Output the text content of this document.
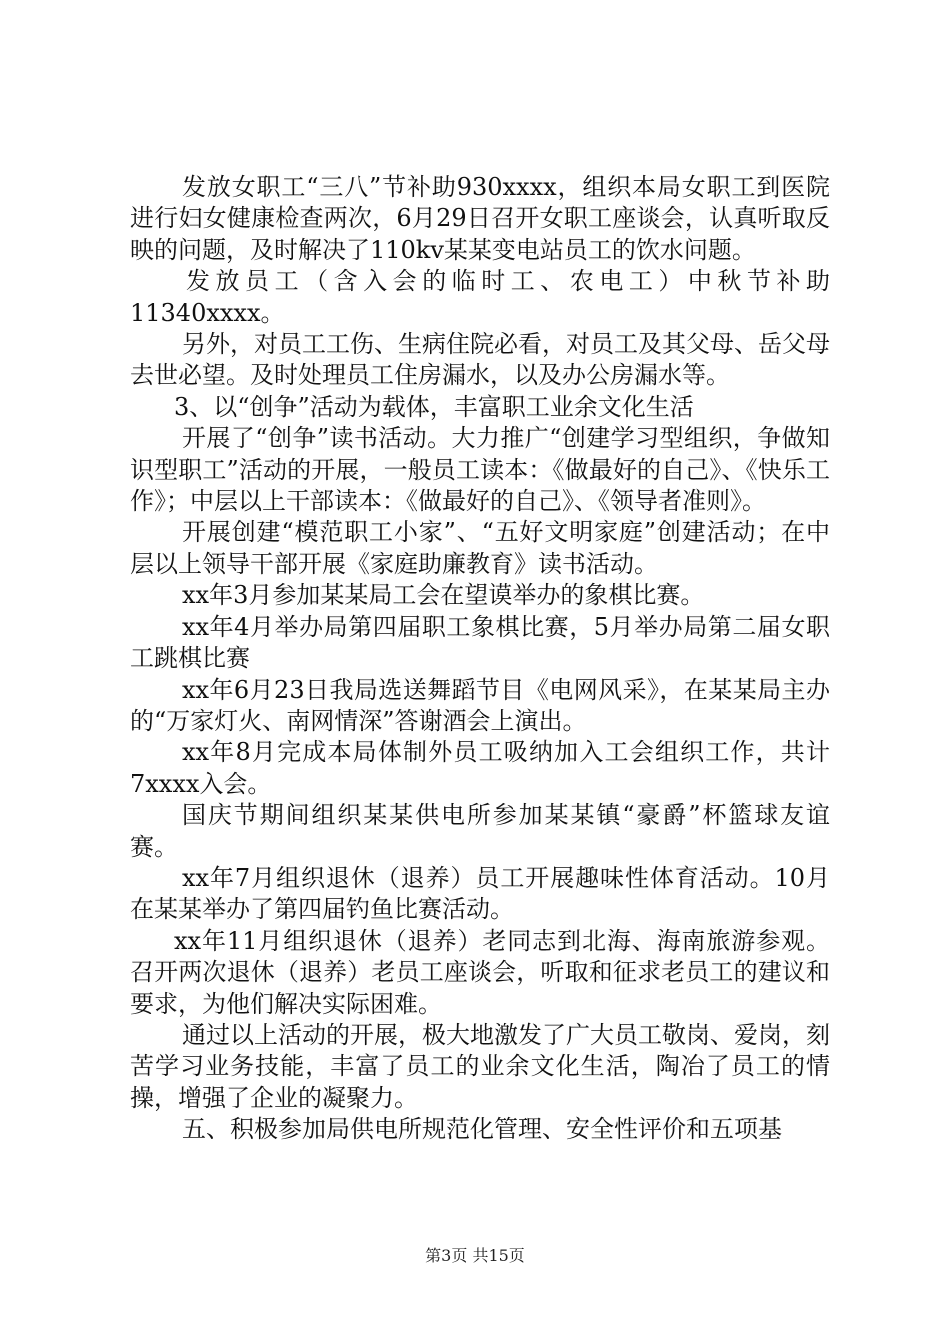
发放女职工“三八”节补助930xxxx，组织本局女职工到医院进行妇女健康检查两次，6月29日召开女职工座谈会，认真听取反映的问题，及时解决了110kv某某变电站员工的饮水问题。

发放员工（含入会的临时工、农电工）中秋节补助11340xxxx。

另外，对员工工伤、生病住院必看，对员工及其父母、岳父母去世必望。及时处理员工住房漏水，以及办公房漏水等。

3、以“创争”活动为载体，丰富职工业余文化生活

开展了“创争”读书活动。大力推广“创建学习型组织，争做知识型职工”活动的开展，一般员工读本：《做最好的自己》、《快乐工作》；中层以上干部读本：《做最好的自己》、《领导者准则》。

开展创建“模范职工小家”、“五好文明家庭”创建活动；在中层以上领导干部开展《家庭助廉教育》读书活动。

xx年3月参加某某局工会在望谟举办的象棋比赛。

xx年4月举办局第四届职工象棋比赛，5月举办局第二届女职工跳棋比赛

xx年6月23日我局选送舞蹈节目《电网风采》，在某某局主办的“万家灯火、南网情深”答谢酒会上演出。

xx年8月完成本局体制外员工吸纳加入工会组织工作，共计7xxxx入会。

国庆节期间组织某某供电所参加某某镇“豪爵”杯篮球友谊赛。

xx年7月组织退休（退养）员工开展趣味性体育活动。10月在某某举办了第四届钓鱼比赛活动。

xx年11月组织退休（退养）老同志到北海、海南旅游参观。召开两次退休（退养）老员工座谈会，听取和征求老员工的建议和要求，为他们解决实际困难。

通过以上活动的开展，极大地激发了广大员工敬岗、爱岗，刻苦学习业务技能，丰富了员工的业余文化生活，陶冶了员工的情操，增强了企业的凝聚力。

五、积极参加局供电所规范化管理、安全性评价和五项基

第3页 共15页
